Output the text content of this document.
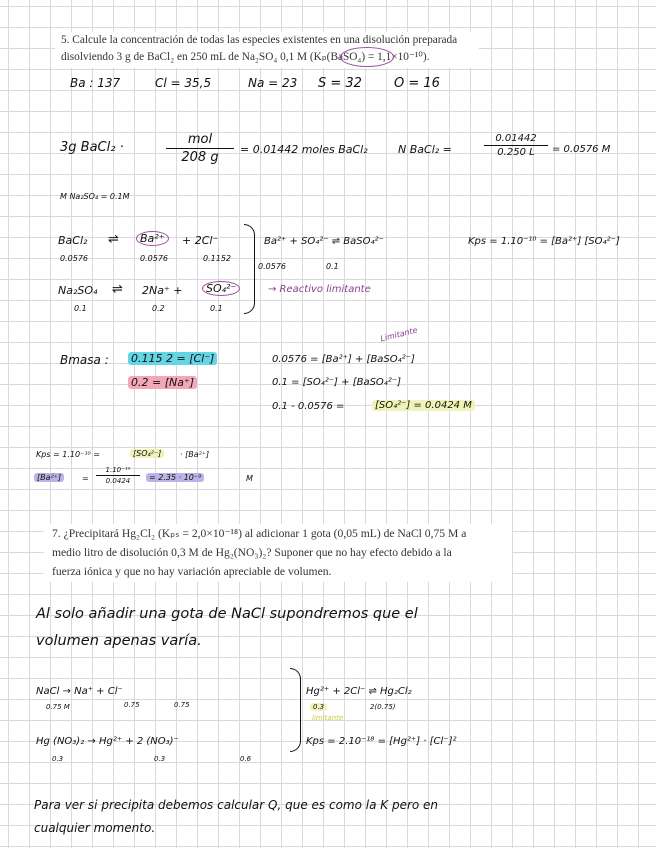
5. Calcule la concentración de todas las especies existentes en una disolución preparada
disolviendo 3 g de BaCl₂ en 250 mL de Na₂SO₄ 0,1 M (Kₚ(BaSO₄) = 1,1×10⁻¹⁰).
Ba : 137	Cl = 35,5	Na = 23 S = 32 O = 16
3g BaCl₂ ·
mol
208 g
= 0.01442 moles BaCl₂	N BaCl₂ =
0.01442
0.250 L = 0.0576 M
M Na₂SO₄ = 0.1M
BaCl₂ ⇌	Ba²⁺	+ 2Cl⁻
0.0576	0.0576	0.1152
Na₂SO₄ ⇌ 2Na⁺ +	SO₄²⁻
0.1	0.2	0.1
Ba²⁺ + SO₄²⁻ ⇌ BaSO₄²⁻	Kps = 1.10⁻¹⁰ = [Ba²⁺] [SO₄²⁻]
0.0576	0.1
→ Reactivo limitante
Bmasa : 0.115 2 = [Cl⁻]
0.2 = [Na⁺]
Limitante
0.0576 = [Ba²⁺] + [BaSO₄²⁻]
0.1 = [SO₄²⁻] + [BaSO₄²⁻]
0.1 - 0.0576 =	[SO₄²⁻] = 0.0424 M
Kps = 1.10⁻¹⁰ =	[SO₄²⁻]	· [Ba²⁺]
[Ba²⁺]	=
1.10⁻¹⁰
0.0424	= 2.35 · 10⁻⁹	M
7. ¿Precipitará Hg₂Cl₂ (Kₚₛ = 2,0×10⁻¹⁸) al adicionar 1 gota (0,05 mL) de NaCl 0,75 M a
medio litro de disolución 0,3 M de Hg₂(NO₃)₂? Suponer que no hay efecto debido a la
fuerza iónica y que no hay variación apreciable de volumen.
Al solo añadir una gota de NaCl supondremos que el
volumen apenas varía.
NaCl → Na⁺ + Cl⁻
0.75 M	0.75	0.75
Hg (NO₃)₂ → Hg²⁺ + 2 (NO₃)⁻
0.3	0.3	0.6
Hg²⁺ + 2Cl⁻ ⇌ Hg₂Cl₂
0.3	2(0.75)
limitante
Kps = 2.10⁻¹⁸ = [Hg²⁺] · [Cl⁻]²
Para ver si precipita debemos calcular Q, que es como la K pero en
cualquier momento.
